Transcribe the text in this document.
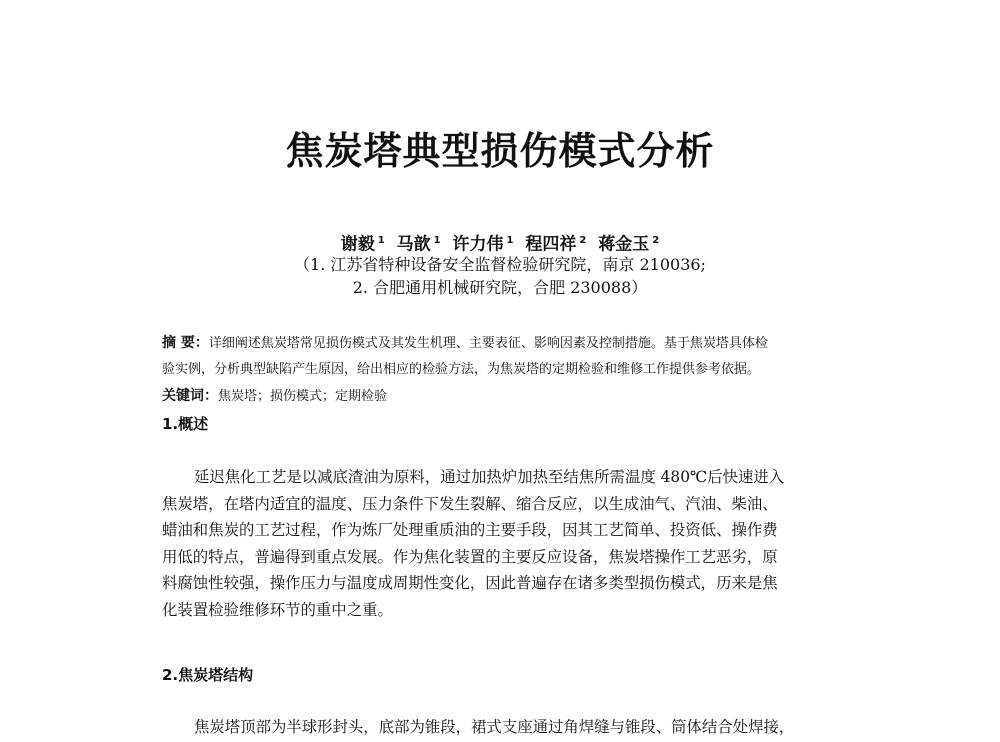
焦炭塔典型损伤模式分析
谢毅 $^1$ 马歆 $^1$ 许力伟 $^1$ 程四祥 $^2$ 蒋金玉 $^2$
（1. 江苏省特种设备安全监督检验研究院，南京 210036;
2. 合肥通用机械研究院，合肥 230088）
摘 要：详细阐述焦炭塔常见损伤模式及其发生机理、主要表征、影响因素及控制措施。基于焦炭塔具体检
验实例，分析典型缺陷产生原因，给出相应的检验方法，为焦炭塔的定期检验和维修工作提供参考依据。
关键词：焦炭塔；损伤模式；定期检验
1.概述
延迟焦化工艺是以减底渣油为原料，通过加热炉加热至结焦所需温度 480℃后快速进入
焦炭塔，在塔内适宜的温度、压力条件下发生裂解、缩合反应，以生成油气、汽油、柴油、
蜡油和焦炭的工艺过程，作为炼厂处理重质油的主要手段，因其工艺简单、投资低、操作费
用低的特点，普遍得到重点发展。作为焦化装置的主要反应设备，焦炭塔操作工艺恶劣，原
料腐蚀性较强，操作压力与温度成周期性变化，因此普遍存在诸多类型损伤模式，历来是焦
化装置检验维修环节的重中之重。
2.焦炭塔结构
焦炭塔顶部为半球形封头，底部为锥段，裙式支座通过角焊缝与锥段、筒体结合处焊接，
